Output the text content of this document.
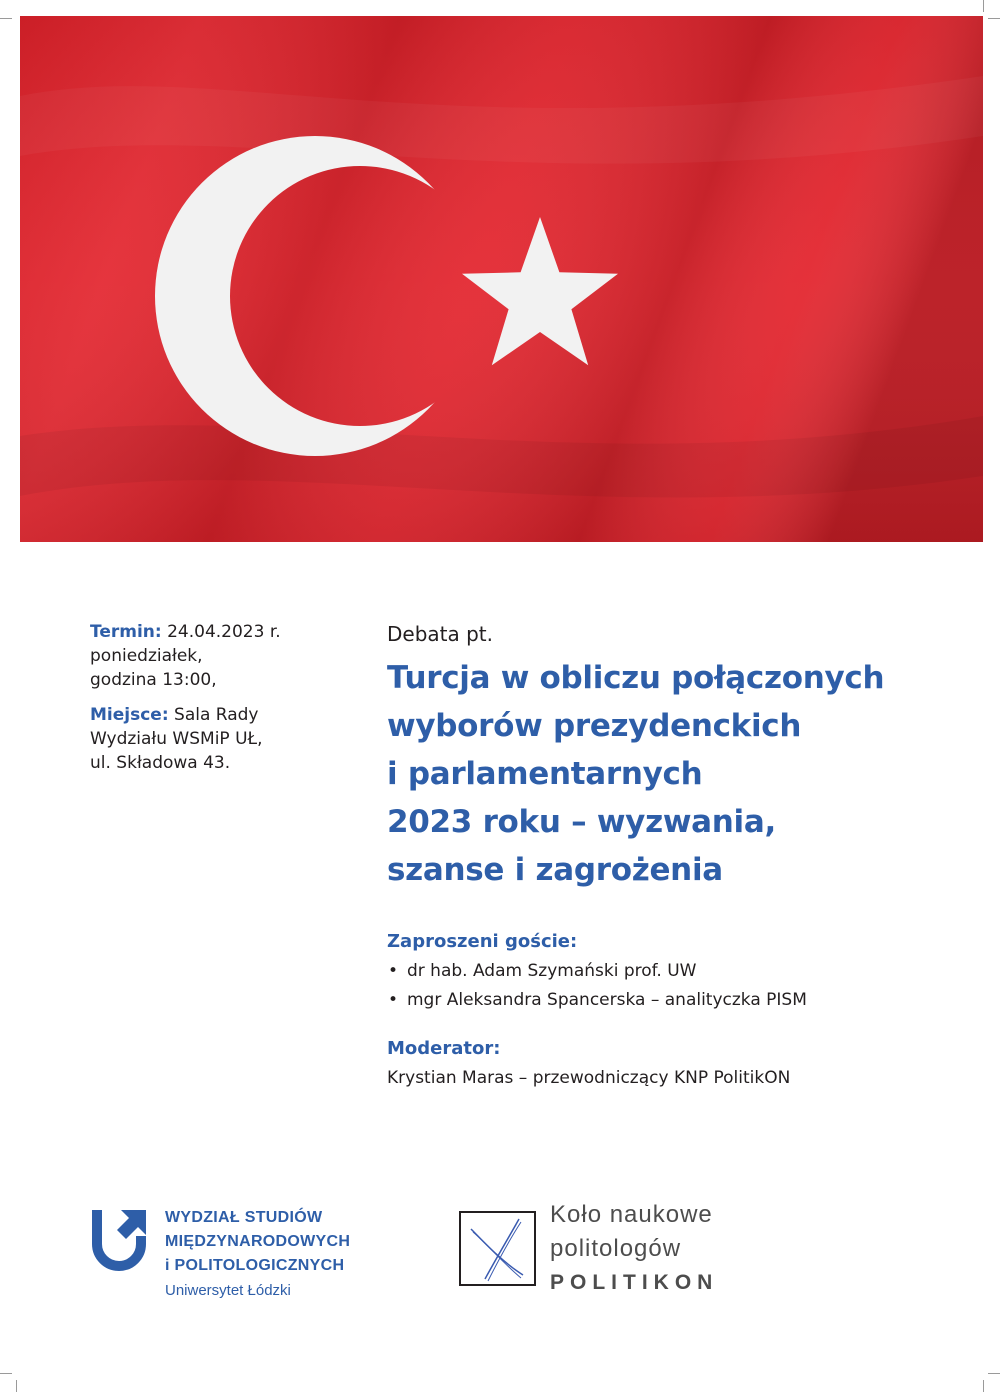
Termin: 24.04.2023 r.
poniedziałek,
godzina 13:00,

Miejsce: Sala Rady
Wydziału WSMiP UŁ,
ul. Składowa 43.

Debata pt.

Turcja w obliczu połączonych
wyborów prezydenckich
i parlamentarnych
2023 roku – wyzwania,
szanse i zagrożenia

Zaproszeni goście:

• dr hab. Adam Szymański prof. UW
• mgr Aleksandra Spancerska – analityczka PISM

Moderator:

Krystian Maras – przewodniczący KNP PolitikON

WYDZIAŁ STUDIÓW
MIĘDZYNARODOWYCH
i POLITOLOGICZNYCH
Uniwersytet Łódzki
Koło naukowe
politologów
POLITIKON
